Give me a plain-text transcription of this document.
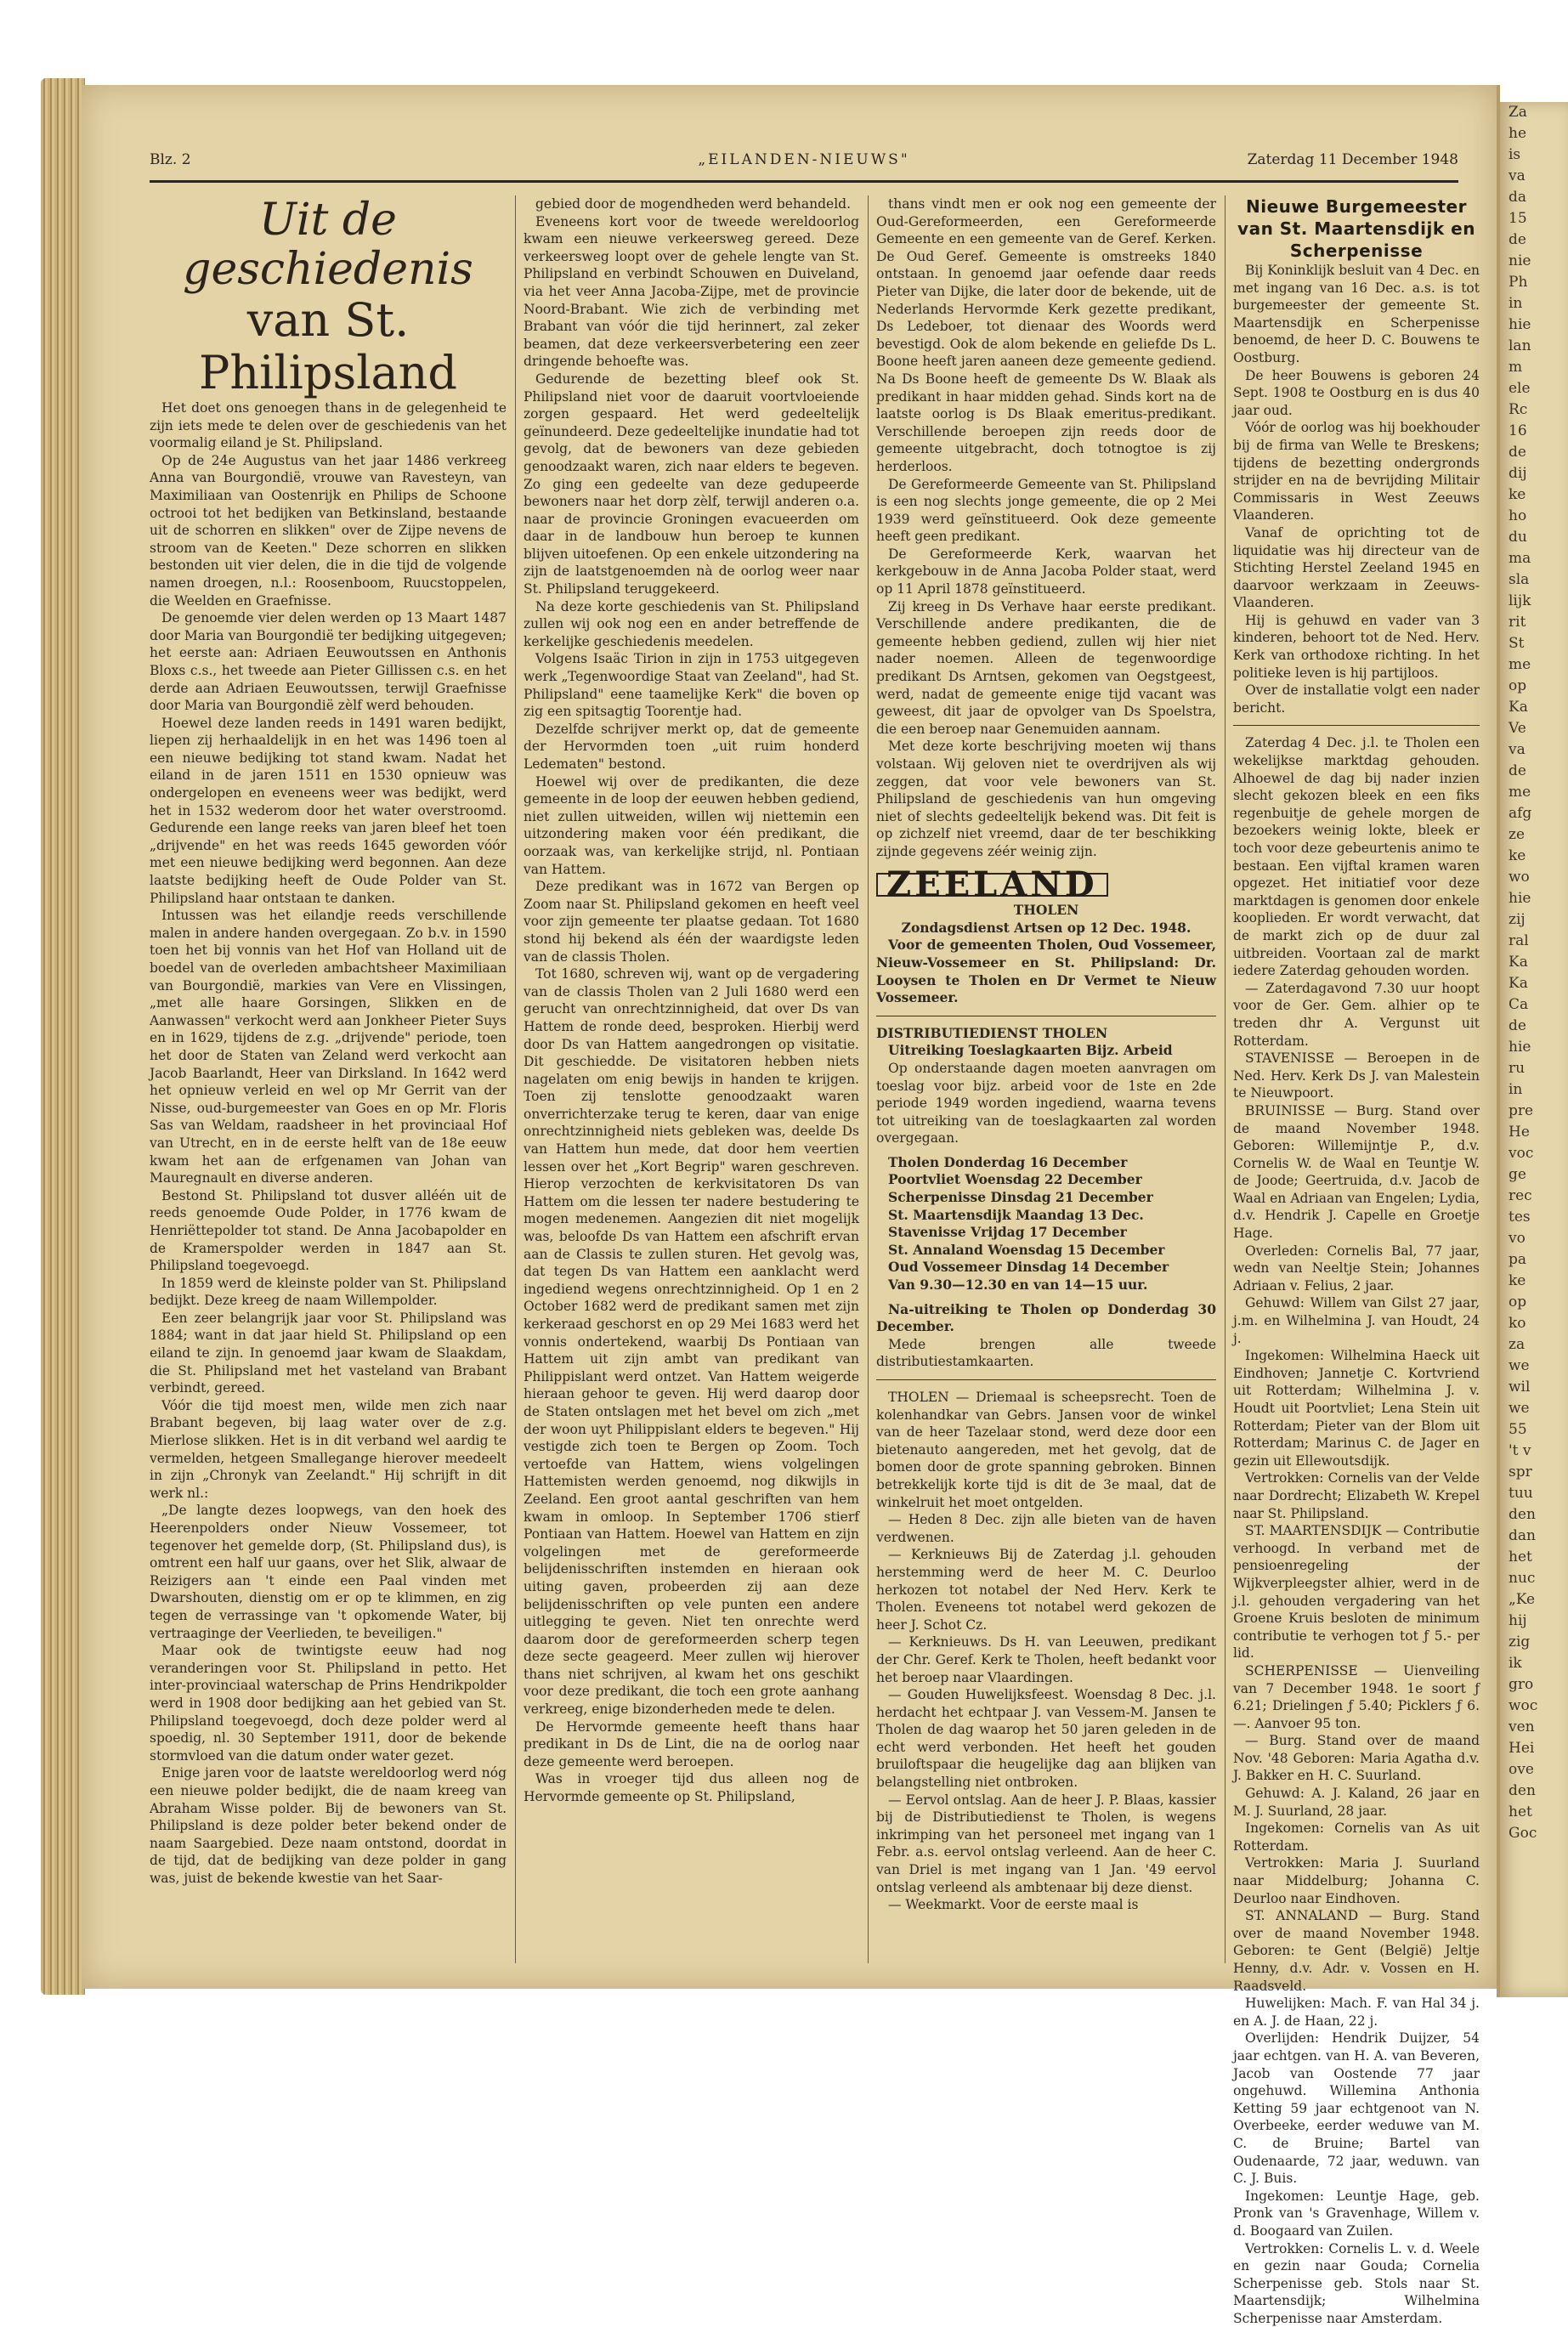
Blz. 2	„EILANDEN-NIEUWS"	Zaterdag 11 December 1948

Uit de geschiedenis

van St. Philipsland

Het doet ons genoegen thans in de gelegenheid te zijn iets mede te delen over de geschiedenis van het voormalig eiland je St. Philipsland.

Op de 24e Augustus van het jaar 1486 verkreeg Anna van Bourgondië, vrouwe van Ravesteyn, van Maximiliaan van Oostenrijk en Philips de Schoone octrooi tot het bedijken van Betkinsland, bestaande uit de schorren en slikken" over de Zijpe nevens de stroom van de Keeten." Deze schorren en slikken bestonden uit vier delen, die in die tijd de volgende namen droegen, n.l.: Roosenboom, Ruucstoppelen, die Weelden en Graefnisse.

De genoemde vier delen werden op 13 Maart 1487 door Maria van Bourgondië ter bedijking uitgegeven; het eerste aan: Adriaen Eeuwoutssen en Anthonis Bloxs c.s., het tweede aan Pieter Gillissen c.s. en het derde aan Adriaen Eeuwoutssen, terwijl Graefnisse door Maria van Bourgondië zèlf werd behouden.

Hoewel deze landen reeds in 1491 waren bedijkt, liepen zij herhaaldelijk in en het was 1496 toen al een nieuwe bedijking tot stand kwam. Nadat het eiland in de jaren 1511 en 1530 opnieuw was ondergelopen en eveneens weer was bedijkt, werd het in 1532 wederom door het water overstroomd. Gedurende een lange reeks van jaren bleef het toen „drijvende" en het was reeds 1645 geworden vóór met een nieuwe bedijking werd begonnen. Aan deze laatste bedijking heeft de Oude Polder van St. Philipsland haar ontstaan te danken.

Intussen was het eilandje reeds verschillende malen in andere handen overgegaan. Zo b.v. in 1590 toen het bij vonnis van het Hof van Holland uit de boedel van de overleden ambachtsheer Maximiliaan van Bourgondië, markies van Vere en Vlissingen, „met alle haare Gorsingen, Slikken en de Aanwassen" verkocht werd aan Jonkheer Pieter Suys en in 1629, tijdens de z.g. „drijvende" periode, toen het door de Staten van Zeland werd verkocht aan Jacob Baarlandt, Heer van Dirksland. In 1642 werd het opnieuw verleid en wel op Mr Gerrit van der Nisse, oud-burgemeester van Goes en op Mr. Floris Sas van Weldam, raadsheer in het provinciaal Hof van Utrecht, en in de eerste helft van de 18e eeuw kwam het aan de erfgenamen van Johan van Mauregnault en diverse anderen.

Bestond St. Philipsland tot dusver alléén uit de reeds genoemde Oude Polder, in 1776 kwam de Henriëttepolder tot stand. De Anna Jacobapolder en de Kramerspolder werden in 1847 aan St. Philipsland toegevoegd.

In 1859 werd de kleinste polder van St. Philipsland bedijkt. Deze kreeg de naam Willempolder.

Een zeer belangrijk jaar voor St. Philipsland was 1884; want in dat jaar hield St. Philipsland op een eiland te zijn. In genoemd jaar kwam de Slaakdam, die St. Philipsland met het vasteland van Brabant verbindt, gereed.

Vóór die tijd moest men, wilde men zich naar Brabant begeven, bij laag water over de z.g. Mierlose slikken. Het is in dit verband wel aardig te vermelden, hetgeen Smallegange hierover meedeelt in zijn „Chronyk van Zeelandt." Hij schrijft in dit werk nl.:

„De langte dezes loopwegs, van den hoek des Heerenpolders onder Nieuw Vossemeer, tot tegenover het gemelde dorp, (St. Philipsland dus), is omtrent een half uur gaans, over het Slik, alwaar de Reizigers aan 't einde een Paal vinden met Dwarshouten, dienstig om er op te klimmen, en zig tegen de verrassinge van 't opkomende Water, bij vertraaginge der Veerlieden, te beveiligen."

Maar ook de twintigste eeuw had nog veranderingen voor St. Philipsland in petto. Het inter-provinciaal waterschap de Prins Hendrikpolder werd in 1908 door bedijking aan het gebied van St. Philipsland toegevoegd, doch deze polder werd al spoedig, nl. 30 September 1911, door de bekende stormvloed van die datum onder water gezet.

Enige jaren voor de laatste wereldoorlog werd nóg een nieuwe polder bedijkt, die de naam kreeg van Abraham Wisse polder. Bij de bewoners van St. Philipsland is deze polder beter bekend onder de naam Saargebied. Deze naam ontstond, doordat in de tijd, dat de bedijking van deze polder in gang was, juist de bekende kwestie van het Saar-

gebied door de mogendheden werd behandeld.

Eveneens kort voor de tweede wereldoorlog kwam een nieuwe verkeersweg gereed. Deze verkeersweg loopt over de gehele lengte van St. Philipsland en verbindt Schouwen en Duiveland, via het veer Anna Jacoba-Zijpe, met de provincie Noord-Brabant. Wie zich de verbinding met Brabant van vóór die tijd herinnert, zal zeker beamen, dat deze verkeersverbetering een zeer dringende behoefte was.

Gedurende de bezetting bleef ook St. Philipsland niet voor de daaruit voortvloeiende zorgen gespaard. Het werd gedeeltelijk geïnundeerd. Deze gedeeltelijke inundatie had tot gevolg, dat de bewoners van deze gebieden genoodzaakt waren, zich naar elders te begeven. Zo ging een gedeelte van deze gedupeerde bewoners naar het dorp zèlf, terwijl anderen o.a. naar de provincie Groningen evacueerden om daar in de landbouw hun beroep te kunnen blijven uitoefenen. Op een enkele uitzondering na zijn de laatstgenoemden nà de oorlog weer naar St. Philipsland teruggekeerd.

Na deze korte geschiedenis van St. Philipsland zullen wij ook nog een en ander betreffende de kerkelijke geschiedenis meedelen.

Volgens Isaäc Tirion in zijn in 1753 uitgegeven werk „Tegenwoordige Staat van Zeeland", had St. Philipsland" eene taamelijke Kerk" die boven op zig een spitsagtig Toorentje had.

Dezelfde schrijver merkt op, dat de gemeente der Hervormden toen „uit ruim honderd Ledematen" bestond.

Hoewel wij over de predikanten, die deze gemeente in de loop der eeuwen hebben gediend, niet zullen uitweiden, willen wij niettemin een uitzondering maken voor één predikant, die oorzaak was, van kerkelijke strijd, nl. Pontiaan van Hattem.

Deze predikant was in 1672 van Bergen op Zoom naar St. Philipsland gekomen en heeft veel voor zijn gemeente ter plaatse gedaan. Tot 1680 stond hij bekend als één der waardigste leden van de classis Tholen.

Tot 1680, schreven wij, want op de vergadering van de classis Tholen van 2 Juli 1680 werd een gerucht van onrechtzinnigheid, dat over Ds van Hattem de ronde deed, besproken. Hierbij werd door Ds van Hattem aangedrongen op visitatie. Dit geschiedde. De visitatoren hebben niets nagelaten om enig bewijs in handen te krijgen. Toen zij tenslotte genoodzaakt waren onverrichterzake terug te keren, daar van enige onrechtzinnigheid niets gebleken was, deelde Ds van Hattem hun mede, dat door hem veertien lessen over het „Kort Begrip" waren geschreven. Hierop verzochten de kerkvisitatoren Ds van Hattem om die lessen ter nadere bestudering te mogen medenemen. Aangezien dit niet mogelijk was, beloofde Ds van Hattem een afschrift ervan aan de Classis te zullen sturen. Het gevolg was, dat tegen Ds van Hattem een aanklacht werd ingediend wegens onrechtzinnigheid. Op 1 en 2 October 1682 werd de predikant samen met zijn kerkeraad geschorst en op 29 Mei 1683 werd het vonnis ondertekend, waarbij Ds Pontiaan van Hattem uit zijn ambt van predikant van Philippislant werd ontzet. Van Hattem weigerde hieraan gehoor te geven. Hij werd daarop door de Staten ontslagen met het bevel om zich „met der woon uyt Philippislant elders te begeven." Hij vestigde zich toen te Bergen op Zoom. Toch vertoefde van Hattem, wiens volgelingen Hattemisten werden genoemd, nog dikwijls in Zeeland. Een groot aantal geschriften van hem kwam in omloop. In September 1706 stierf Pontiaan van Hattem. Hoewel van Hattem en zijn volgelingen met de gereformeerde belijdenisschriften instemden en hieraan ook uiting gaven, probeerden zij aan deze belijdenisschriften op vele punten een andere uitlegging te geven. Niet ten onrechte werd daarom door de gereformeerden scherp tegen deze secte geageerd. Meer zullen wij hierover thans niet schrijven, al kwam het ons geschikt voor deze predikant, die toch een grote aanhang verkreeg, enige bizonderheden mede te delen.

De Hervormde gemeente heeft thans haar predikant in Ds de Lint, die na de oorlog naar deze gemeente werd beroepen.

Was in vroeger tijd dus alleen nog de Hervormde gemeente op St. Philipsland,

thans vindt men er ook nog een gemeente der Oud-Gereformeerden, een Gereformeerde Gemeente en een gemeente van de Geref. Kerken. De Oud Geref. Gemeente is omstreeks 1840 ontstaan. In genoemd jaar oefende daar reeds Pieter van Dijke, die later door de bekende, uit de Nederlands Hervormde Kerk gezette predikant, Ds Ledeboer, tot dienaar des Woords werd bevestigd. Ook de alom bekende en geliefde Ds L. Boone heeft jaren aaneen deze gemeente gediend. Na Ds Boone heeft de gemeente Ds W. Blaak als predikant in haar midden gehad. Sinds kort na de laatste oorlog is Ds Blaak emeritus-predikant. Verschillende beroepen zijn reeds door de gemeente uitgebracht, doch totnogtoe is zij herderloos.

De Gereformeerde Gemeente van St. Philipsland is een nog slechts jonge gemeente, die op 2 Mei 1939 werd geïnstitueerd. Ook deze gemeente heeft geen predikant.

De Gereformeerde Kerk, waarvan het kerkgebouw in de Anna Jacoba Polder staat, werd op 11 April 1878 geïnstitueerd.

Zij kreeg in Ds Verhave haar eerste predikant. Verschillende andere predikanten, die de gemeente hebben gediend, zullen wij hier niet nader noemen. Alleen de tegenwoordige predikant Ds Arntsen, gekomen van Oegstgeest, werd, nadat de gemeente enige tijd vacant was geweest, dit jaar de opvolger van Ds Spoelstra, die een beroep naar Genemuiden aannam.

Met deze korte beschrijving moeten wij thans volstaan. Wij geloven niet te overdrijven als wij zeggen, dat voor vele bewoners van St. Philipsland de geschiedenis van hun omgeving niet of slechts gedeeltelijk bekend was. Dit feit is op zichzelf niet vreemd, daar de ter beschikking zijnde gegevens zéér weinig zijn.

ZEELAND

THOLEN

Zondagsdienst Artsen op 12 Dec. 1948.

Voor de gemeenten Tholen, Oud Vossemeer, Nieuw-Vossemeer en St. Philipsland: Dr. Looysen te Tholen en Dr Vermet te Nieuw Vossemeer.

DISTRIBUTIEDIENST THOLEN

Uitreiking Toeslagkaarten Bijz. Arbeid

Op onderstaande dagen moeten aanvragen om toeslag voor bijz. arbeid voor de 1ste en 2de periode 1949 worden ingediend, waarna tevens tot uitreiking van de toeslagkaarten zal worden overgegaan.

Tholen Donderdag 16 December
Poortvliet Woensdag 22 December
Scherpenisse Dinsdag 21 December
St. Maartensdijk Maandag 13 Dec.
Stavenisse Vrijdag 17 December
St. Annaland Woensdag 15 December
Oud Vossemeer Dinsdag 14 December
Van 9.30—12.30 en van 14—15 uur.

Na-uitreiking te Tholen op Donderdag 30 December.

Mede brengen alle tweede distributiestamkaarten.

THOLEN — Driemaal is scheepsrecht. Toen de kolenhandkar van Gebrs. Jansen voor de winkel van de heer Tazelaar stond, werd deze door een bietenauto aangereden, met het gevolg, dat de bomen door de grote spanning gebroken. Binnen betrekkelijk korte tijd is dit de 3e maal, dat de winkelruit het moet ontgelden.

— Heden 8 Dec. zijn alle bieten van de haven verdwenen.

— Kerknieuws Bij de Zaterdag j.l. gehouden herstemming werd de heer M. C. Deurloo herkozen tot notabel der Ned Herv. Kerk te Tholen. Eveneens tot notabel werd gekozen de heer J. Schot Cz.

— Kerknieuws. Ds H. van Leeuwen, predikant der Chr. Geref. Kerk te Tholen, heeft bedankt voor het beroep naar Vlaardingen.

— Gouden Huwelijksfeest. Woensdag 8 Dec. j.l. herdacht het echtpaar J. van Vessem-M. Jansen te Tholen de dag waarop het 50 jaren geleden in de echt werd verbonden. Het heeft het gouden bruiloftspaar die heugelijke dag aan blijken van belangstelling niet ontbroken.

— Eervol ontslag. Aan de heer J. P. Blaas, kassier bij de Distributiedienst te Tholen, is wegens inkrimping van het personeel met ingang van 1 Febr. a.s. eervol ontslag verleend. Aan de heer C. van Driel is met ingang van 1 Jan. '49 eervol ontslag verleend als ambtenaar bij deze dienst.

— Weekmarkt. Voor de eerste maal is

Nieuwe Burgemeester van St. Maartensdijk en Scherpenisse

Bij Koninklijk besluit van 4 Dec. en met ingang van 16 Dec. a.s. is tot burgemeester der gemeente St. Maartensdijk en Scherpenisse benoemd, de heer D. C. Bouwens te Oostburg.

De heer Bouwens is geboren 24 Sept. 1908 te Oostburg en is dus 40 jaar oud.

Vóór de oorlog was hij boekhouder bij de firma van Welle te Breskens; tijdens de bezetting ondergronds strijder en na de bevrijding Militair Commissaris in West Zeeuws Vlaanderen.

Vanaf de oprichting tot de liquidatie was hij directeur van de Stichting Herstel Zeeland 1945 en daarvoor werkzaam in Zeeuws-Vlaanderen.

Hij is gehuwd en vader van 3 kinderen, behoort tot de Ned. Herv. Kerk van orthodoxe richting. In het politieke leven is hij partijloos.

Over de installatie volgt een nader bericht.

Zaterdag 4 Dec. j.l. te Tholen een wekelijkse marktdag gehouden. Alhoewel de dag bij nader inzien slecht gekozen bleek en een fiks regenbuitje de gehele morgen de bezoekers weinig lokte, bleek er toch voor deze gebeurtenis animo te bestaan. Een vijftal kramen waren opgezet. Het initiatief voor deze marktdagen is genomen door enkele kooplieden. Er wordt verwacht, dat de markt zich op de duur zal uitbreiden. Voortaan zal de markt iedere Zaterdag gehouden worden.

— Zaterdagavond 7.30 uur hoopt voor de Ger. Gem. alhier op te treden dhr A. Vergunst uit Rotterdam.

STAVENISSE — Beroepen in de Ned. Herv. Kerk Ds J. van Malestein te Nieuwpoort.

BRUINISSE — Burg. Stand over de maand November 1948. Geboren: Willemijntje P., d.v. Cornelis W. de Waal en Teuntje W. de Joode; Geertruida, d.v. Jacob de Waal en Adriaan van Engelen; Lydia, d.v. Hendrik J. Capelle en Groetje Hage.

Overleden: Cornelis Bal, 77 jaar, wedn van Neeltje Stein; Johannes Adriaan v. Felius, 2 jaar.

Gehuwd: Willem van Gilst 27 jaar, j.m. en Wilhelmina J. van Houdt, 24 j.

Ingekomen: Wilhelmina Haeck uit Eindhoven; Jannetje C. Kortvriend uit Rotterdam; Wilhelmina J. v. Houdt uit Poortvliet; Lena Stein uit Rotterdam; Pieter van der Blom uit Rotterdam; Marinus C. de Jager en gezin uit Ellewoutsdijk.

Vertrokken: Cornelis van der Velde naar Dordrecht; Elizabeth W. Krepel naar St. Philipsland.

ST. MAARTENSDIJK — Contributie verhoogd. In verband met de pensioenregeling der Wijkverpleegster alhier, werd in de j.l. gehouden vergadering van het Groene Kruis besloten de minimum contributie te verhogen tot ƒ 5.- per lid.

SCHERPENISSE — Uienveiling van 7 December 1948. 1e soort ƒ 6.21; Drielingen ƒ 5.40; Picklers ƒ 6.—. Aanvoer 95 ton.

— Burg. Stand over de maand Nov. '48 Geboren: Maria Agatha d.v. J. Bakker en H. C. Suurland.

Gehuwd: A. J. Kaland, 26 jaar en M. J. Suurland, 28 jaar.

Ingekomen: Cornelis van As uit Rotterdam.

Vertrokken: Maria J. Suurland naar Middelburg; Johanna C. Deurloo naar Eindhoven.

ST. ANNALAND — Burg. Stand over de maand November 1948. Geboren: te Gent (België) Jeltje Henny, d.v. Adr. v. Vossen en H. Raadsveld.

Huwelijken: Mach. F. van Hal 34 j. en A. J. de Haan, 22 j.

Overlijden: Hendrik Duijzer, 54 jaar echtgen. van H. A. van Beveren, Jacob van Oostende 77 jaar ongehuwd. Willemina Anthonia Ketting 59 jaar echtgenoot van N. Overbeeke, eerder weduwe van M. C. de Bruine; Bartel van Oudenaarde, 72 jaar, weduwn. van C. J. Buis.

Ingekomen: Leuntje Hage, geb. Pronk van 's Gravenhage, Willem v. d. Boogaard van Zuilen.

Vertrokken: Cornelis L. v. d. Weele en gezin naar Gouda; Cornelia Scherpenisse geb. Stols naar St. Maartensdijk; Wilhelmina Scherpenisse naar Amsterdam.

Za
he
is
va
da
15
de
nie
Ph
in
hie
lan
m
ele
Rc
16
de
dij
ke
ho
du
ma
sla
lijk
rit
St
me
op
Ka
Ve
va
de
me
afg
ze
ke
wo
hie
zij
ral
Ka
Ka
Ca
de
hie
ru
in
pre
He
voc
ge
rec
tes
vo
pa
ke
op
ko
za
we
wil
we
55
't v
spr
tuu
den
dan
het
nuc
„Ke
hij
zig
ik
gro
woc
ven
Hei
ove
den
het
Goc
